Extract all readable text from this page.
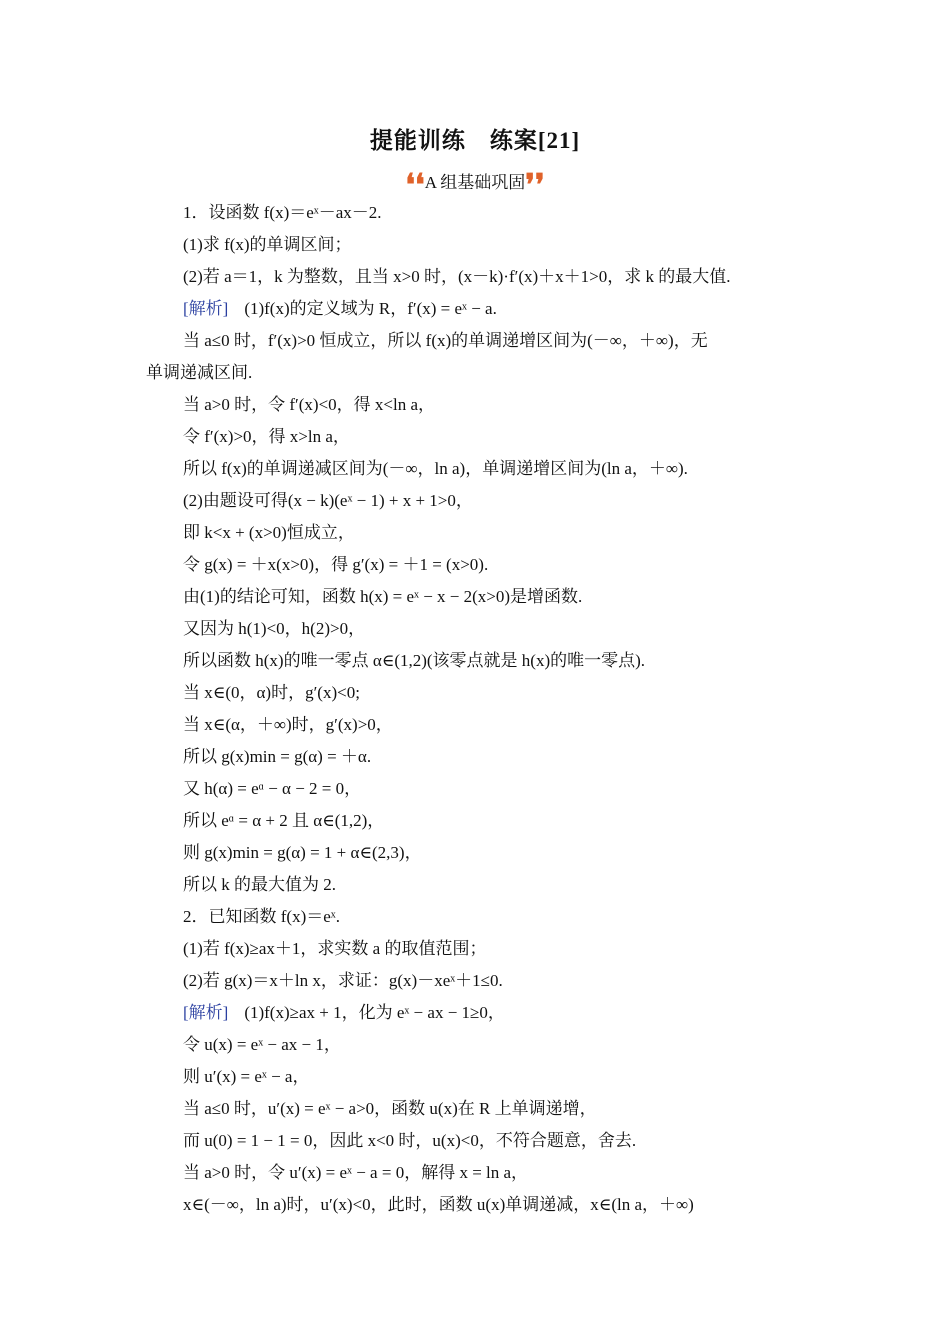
提能训练　练案[21]
❛❛A 组基础巩固❜❜
1．设函数 f(x)＝eˣ－ax－2.
(1)求 f(x)的单调区间；
(2)若 a＝1，k 为整数，且当 x>0 时，(x－k)·f′(x)＋x＋1>0，求 k 的最大值.
[解析] (1)f(x)的定义域为 R，f′(x) = eˣ − a.
当 a≤0 时，f′(x)>0 恒成立，所以 f(x)的单调递增区间为(－∞，＋∞)，无
单调递减区间.
当 a>0 时，令 f′(x)<0，得 x<ln a，
令 f′(x)>0，得 x>ln a，
所以 f(x)的单调递减区间为(－∞，ln a)，单调递增区间为(ln a，＋∞).
(2)由题设可得(x − k)(eˣ − 1) + x + 1>0，
即 k<x + (x>0)恒成立，
令 g(x) = ＋x(x>0)，得 g′(x) = ＋1 = (x>0).
由(1)的结论可知，函数 h(x) = eˣ − x − 2(x>0)是增函数.
又因为 h(1)<0，h(2)>0，
所以函数 h(x)的唯一零点 α∈(1,2)(该零点就是 h(x)的唯一零点).
当 x∈(0，α)时，g′(x)<0;
当 x∈(α，＋∞)时，g′(x)>0，
所以 g(x)min = g(α) = ＋α.
又 h(α) = eᵅ − α − 2 = 0，
所以 eᵅ = α + 2 且 α∈(1,2)，
则 g(x)min = g(α) = 1 + α∈(2,3)，
所以 k 的最大值为 2.
2．已知函数 f(x)＝eˣ.
(1)若 f(x)≥ax＋1，求实数 a 的取值范围；
(2)若 g(x)＝x＋ln x，求证：g(x)－xeˣ＋1≤0.
[解析] (1)f(x)≥ax + 1，化为 eˣ − ax − 1≥0，
令 u(x) = eˣ − ax − 1，
则 u′(x) = eˣ − a，
当 a≤0 时，u′(x) = eˣ − a>0，函数 u(x)在 R 上单调递增，
而 u(0) = 1 − 1 = 0，因此 x<0 时，u(x)<0，不符合题意，舍去.
当 a>0 时，令 u′(x) = eˣ − a = 0，解得 x = ln a，
x∈(－∞，ln a)时，u′(x)<0，此时，函数 u(x)单调递减，x∈(ln a，＋∞)
